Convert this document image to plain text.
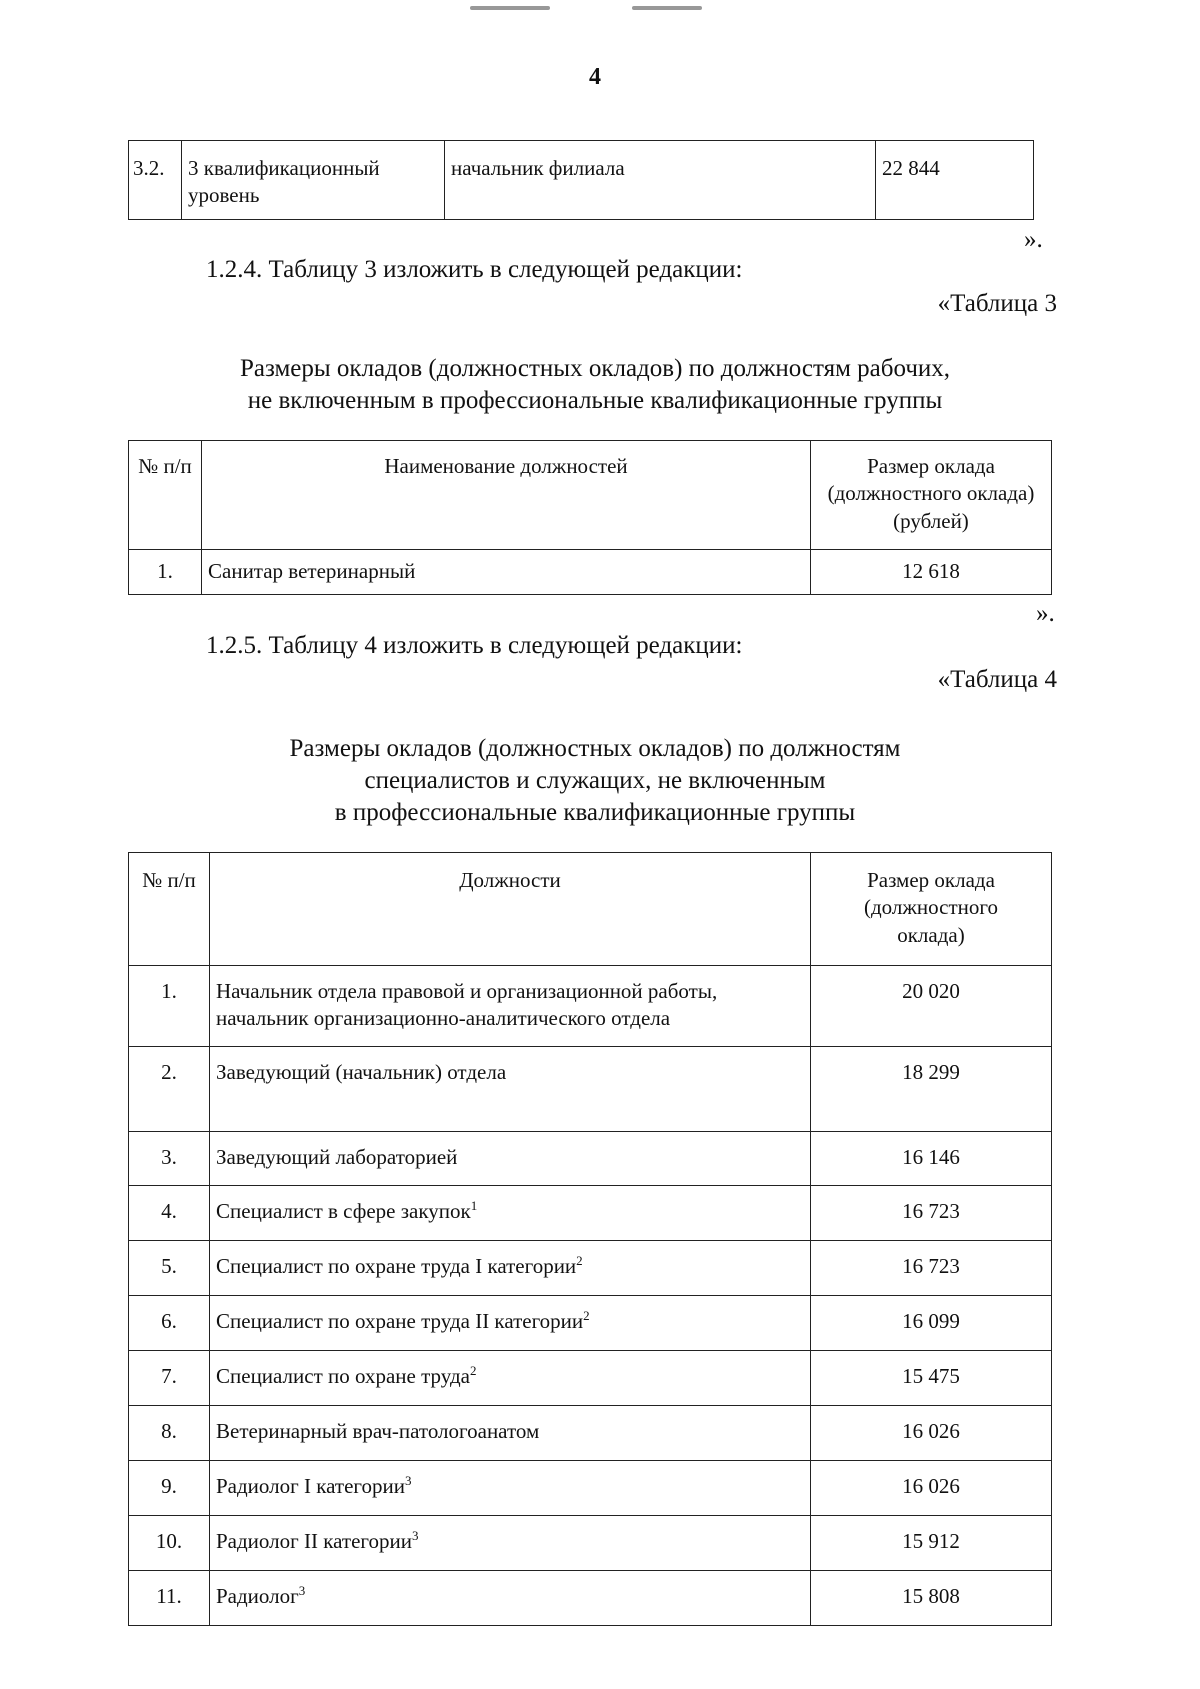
4
3.2.	3 квалификационный уровень	начальник филиала	22 844
».
1.2.4. Таблицу 3 изложить в следующей редакции:
«Таблица 3
Размеры окладов (должностных окладов) по должностям рабочих,
не включенным в профессиональные квалификационные группы
№ п/п	Наименование должностей	Размер оклада (должностного оклада) (рублей)
1.	Санитар ветеринарный	12 618
».
1.2.5. Таблицу 4 изложить в следующей редакции:
«Таблица 4
Размеры окладов (должностных окладов) по должностям
специалистов и служащих, не включенным
в профессиональные квалификационные группы
№ п/п	Должности	Размер оклада (должностного оклада)
1.	Начальник отдела правовой и организационной работы, начальник организационно-аналитического отдела	20 020
2.	Заведующий (начальник) отдела	18 299
3.	Заведующий лабораторией	16 146
4.	Специалист в сфере закупок$^1$	16 723
5.	Специалист по охране труда I категории$^2$	16 723
6.	Специалист по охране труда II категории$^2$	16 099
7.	Специалист по охране труда$^2$	15 475
8.	Ветеринарный врач-патологоанатом	16 026
9.	Радиолог I категории$^3$	16 026
10.	Радиолог II категории$^3$	15 912
11.	Радиолог$^3$	15 808
